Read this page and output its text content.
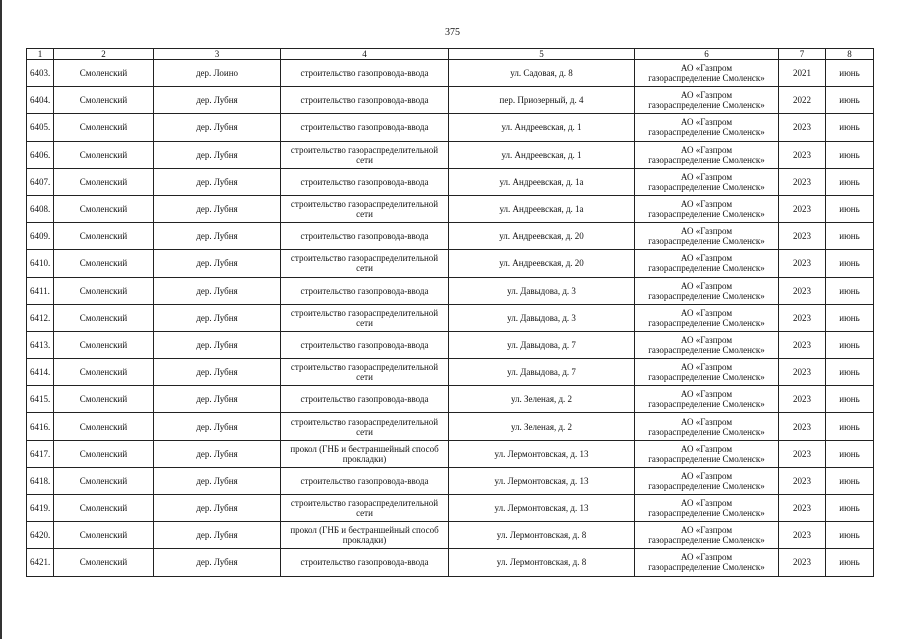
375
1	2	3	4	5	6	7	8
6403.	Смоленский	дер. Лоино	строительство газопровода-ввода	ул. Садовая, д. 8	АО «Газпром
газораспределение Смоленск»	2021	июнь
6404.	Смоленский	дер. Лубня	строительство газопровода-ввода	пер. Приозерный, д. 4	АО «Газпром
газораспределение Смоленск»	2022	июнь
6405.	Смоленский	дер. Лубня	строительство газопровода-ввода	ул. Андреевская, д. 1	АО «Газпром
газораспределение Смоленск»	2023	июнь
6406.	Смоленский	дер. Лубня	строительство газораспределительной сети	ул. Андреевская, д. 1	АО «Газпром
газораспределение Смоленск»	2023	июнь
6407.	Смоленский	дер. Лубня	строительство газопровода-ввода	ул. Андреевская, д. 1а	АО «Газпром
газораспределение Смоленск»	2023	июнь
6408.	Смоленский	дер. Лубня	строительство газораспределительной сети	ул. Андреевская, д. 1а	АО «Газпром
газораспределение Смоленск»	2023	июнь
6409.	Смоленский	дер. Лубня	строительство газопровода-ввода	ул. Андреевская, д. 20	АО «Газпром
газораспределение Смоленск»	2023	июнь
6410.	Смоленский	дер. Лубня	строительство газораспределительной сети	ул. Андреевская, д. 20	АО «Газпром
газораспределение Смоленск»	2023	июнь
6411.	Смоленский	дер. Лубня	строительство газопровода-ввода	ул. Давыдова, д. 3	АО «Газпром
газораспределение Смоленск»	2023	июнь
6412.	Смоленский	дер. Лубня	строительство газораспределительной сети	ул. Давыдова, д. 3	АО «Газпром
газораспределение Смоленск»	2023	июнь
6413.	Смоленский	дер. Лубня	строительство газопровода-ввода	ул. Давыдова, д. 7	АО «Газпром
газораспределение Смоленск»	2023	июнь
6414.	Смоленский	дер. Лубня	строительство газораспределительной сети	ул. Давыдова, д. 7	АО «Газпром
газораспределение Смоленск»	2023	июнь
6415.	Смоленский	дер. Лубня	строительство газопровода-ввода	ул. Зеленая, д. 2	АО «Газпром
газораспределение Смоленск»	2023	июнь
6416.	Смоленский	дер. Лубня	строительство газораспределительной сети	ул. Зеленая, д. 2	АО «Газпром
газораспределение Смоленск»	2023	июнь
6417.	Смоленский	дер. Лубня	прокол (ГНБ и бестраншейный способ прокладки)	ул. Лермонтовская, д. 13	АО «Газпром
газораспределение Смоленск»	2023	июнь
6418.	Смоленский	дер. Лубня	строительство газопровода-ввода	ул. Лермонтовская, д. 13	АО «Газпром
газораспределение Смоленск»	2023	июнь
6419.	Смоленский	дер. Лубня	строительство газораспределительной сети	ул. Лермонтовская, д. 13	АО «Газпром
газораспределение Смоленск»	2023	июнь
6420.	Смоленский	дер. Лубня	прокол (ГНБ и бестраншейный способ прокладки)	ул. Лермонтовская, д. 8	АО «Газпром
газораспределение Смоленск»	2023	июнь
6421.	Смоленский	дер. Лубня	строительство газопровода-ввода	ул. Лермонтовская, д. 8	АО «Газпром
газораспределение Смоленск»	2023	июнь
